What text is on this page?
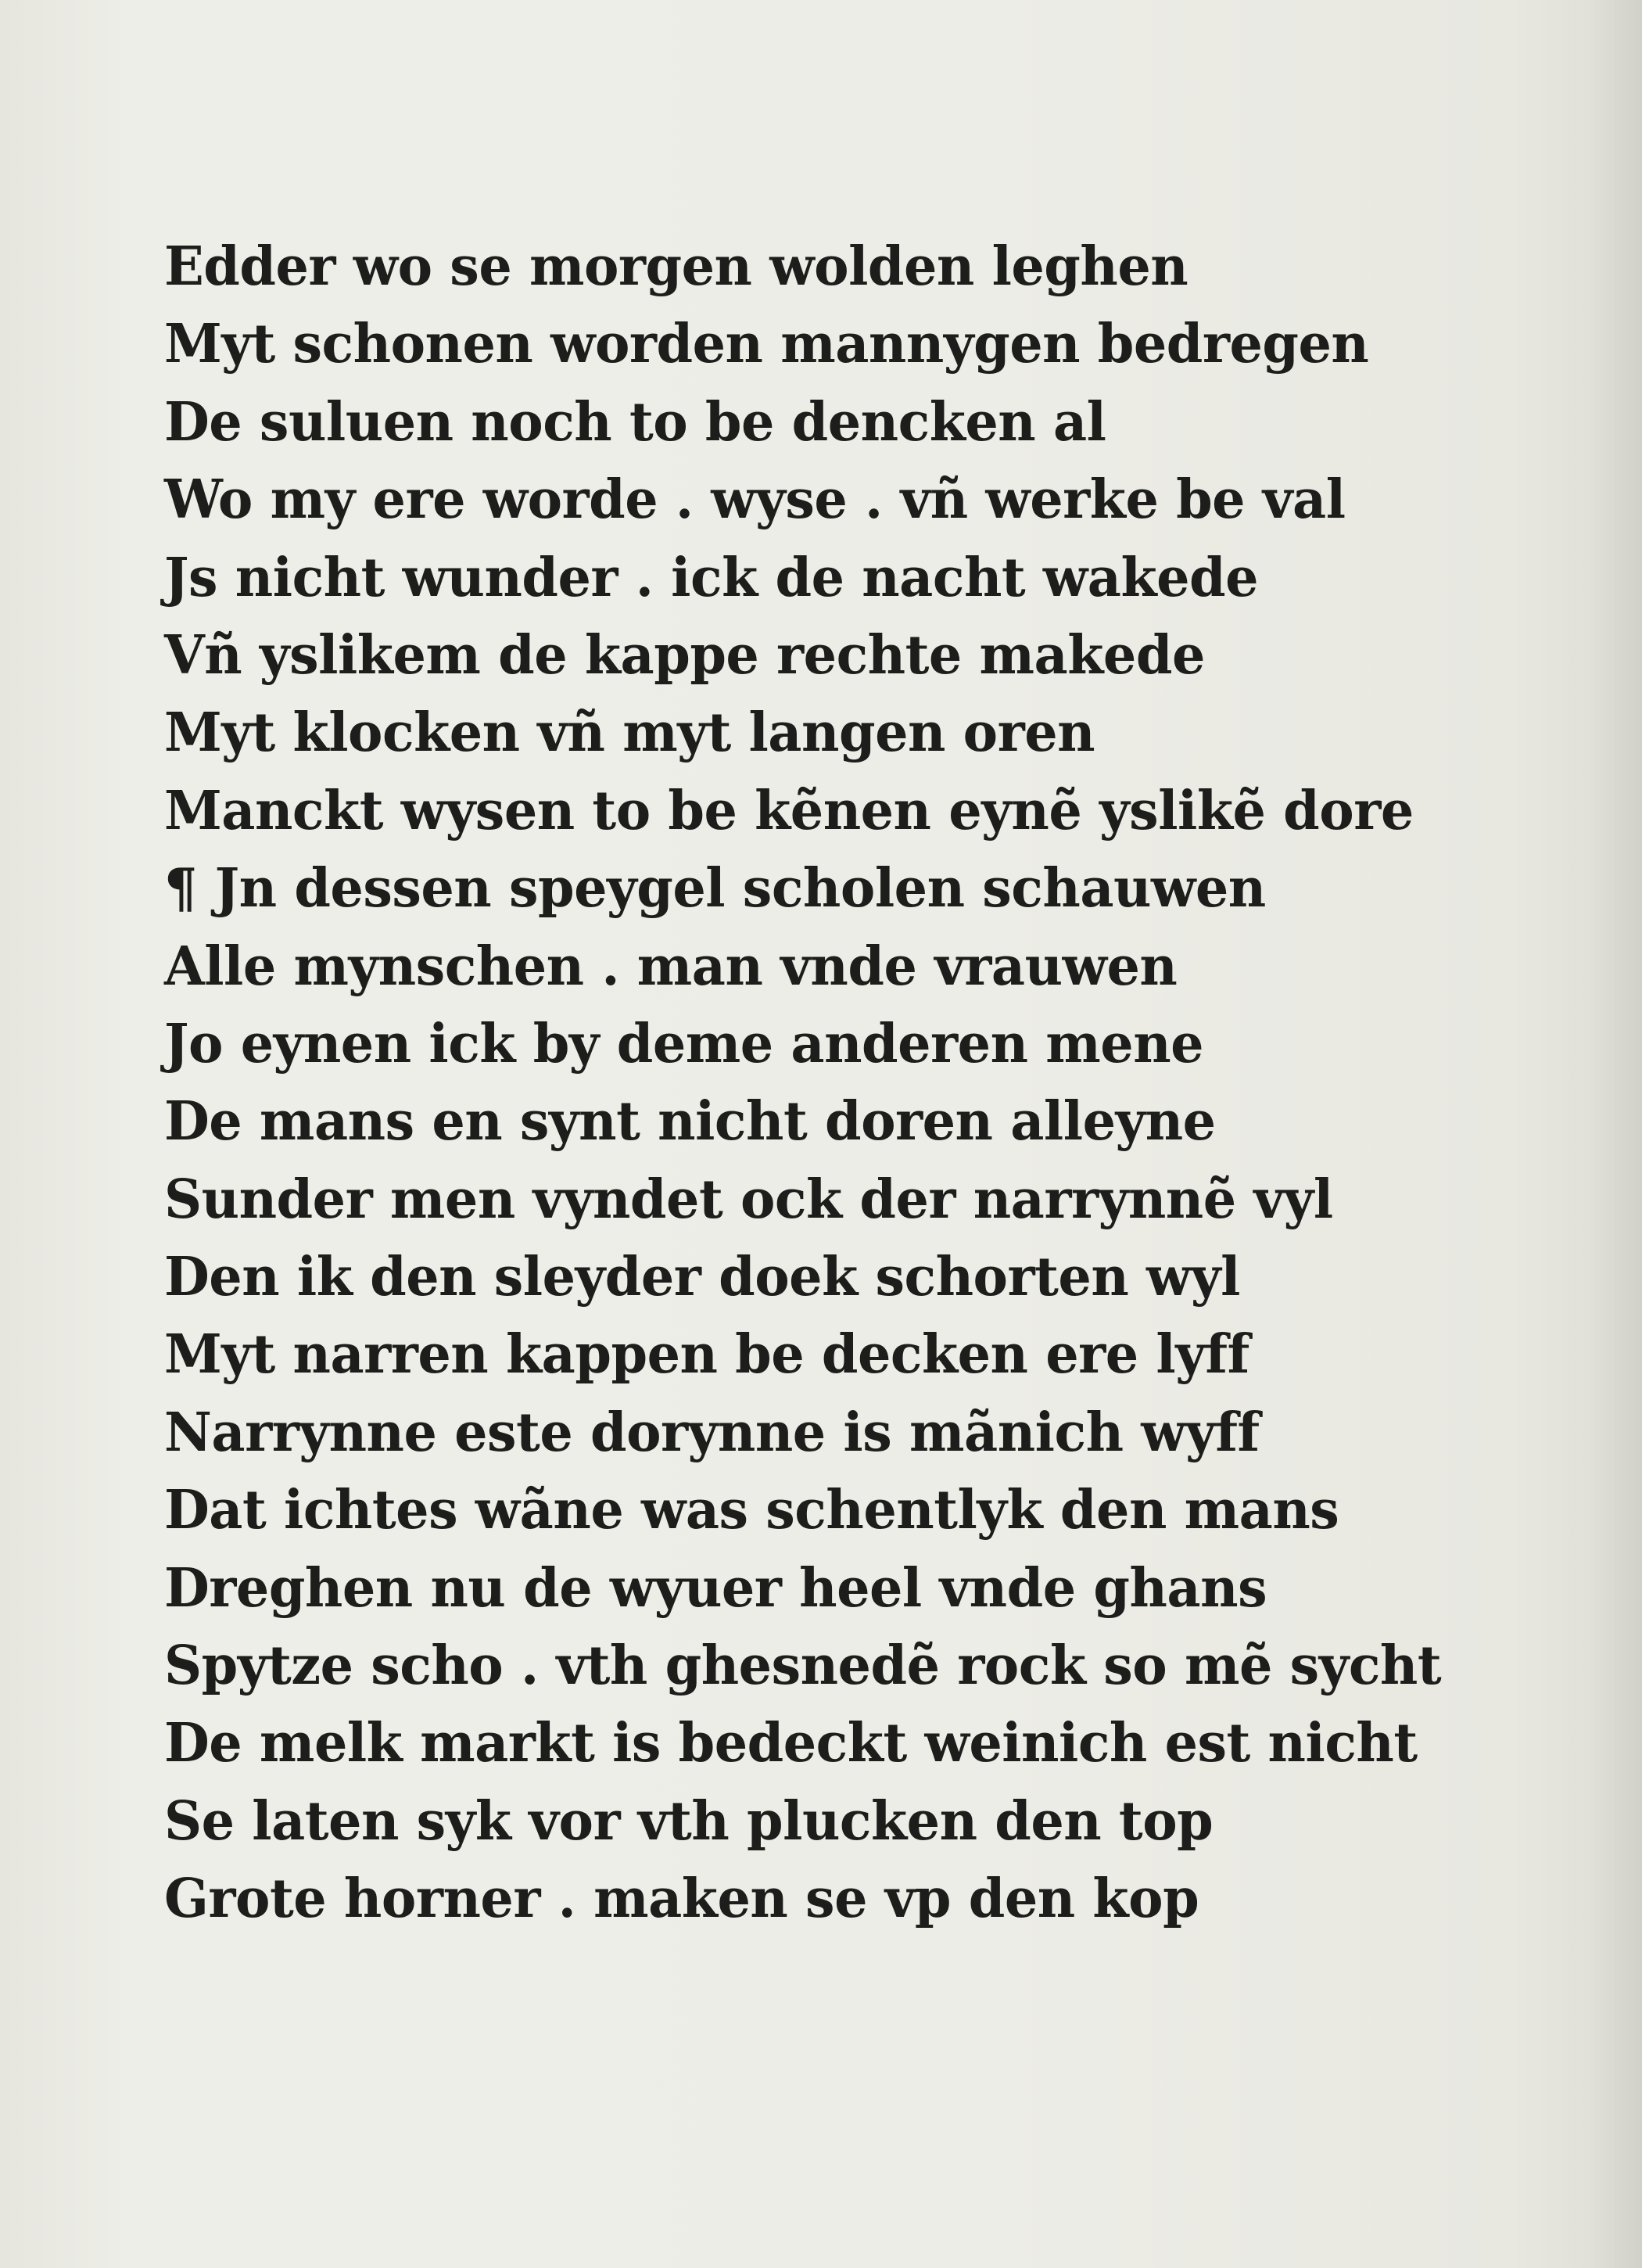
Edder wo se morgen wolden leghen
Myt schonen worden mannygen bedregen
De suluen noch to be dencken al
Wo my ere worde . wyse . vñ werke be val
Js nicht wunder . ick de nacht wakede
Vñ yslikem de kappe rechte makede
Myt klocken vñ myt langen oren
Manckt wysen to be kẽnen eynẽ yslikẽ dore
¶ Jn dessen speygel scholen schauwen
Alle mynschen . man vnde vrauwen
Jo eynen ick by deme anderen mene
De mans en synt nicht doren alleyne
Sunder men vyndet ock der narrynnẽ vyl
Den ik den sleyder doek schorten wyl
Myt narren kappen be decken ere lyff
Narrynne este dorynne is mãnich wyff
Dat ichtes wãne was schentlyk den mans
Dreghen nu de wyuer heel vnde ghans
Spytze scho . vth ghesnedẽ rock so mẽ sycht
De melk markt is bedeckt weinich est nicht
Se laten syk vor vth plucken den top
Grote horner . maken se vp den kop
